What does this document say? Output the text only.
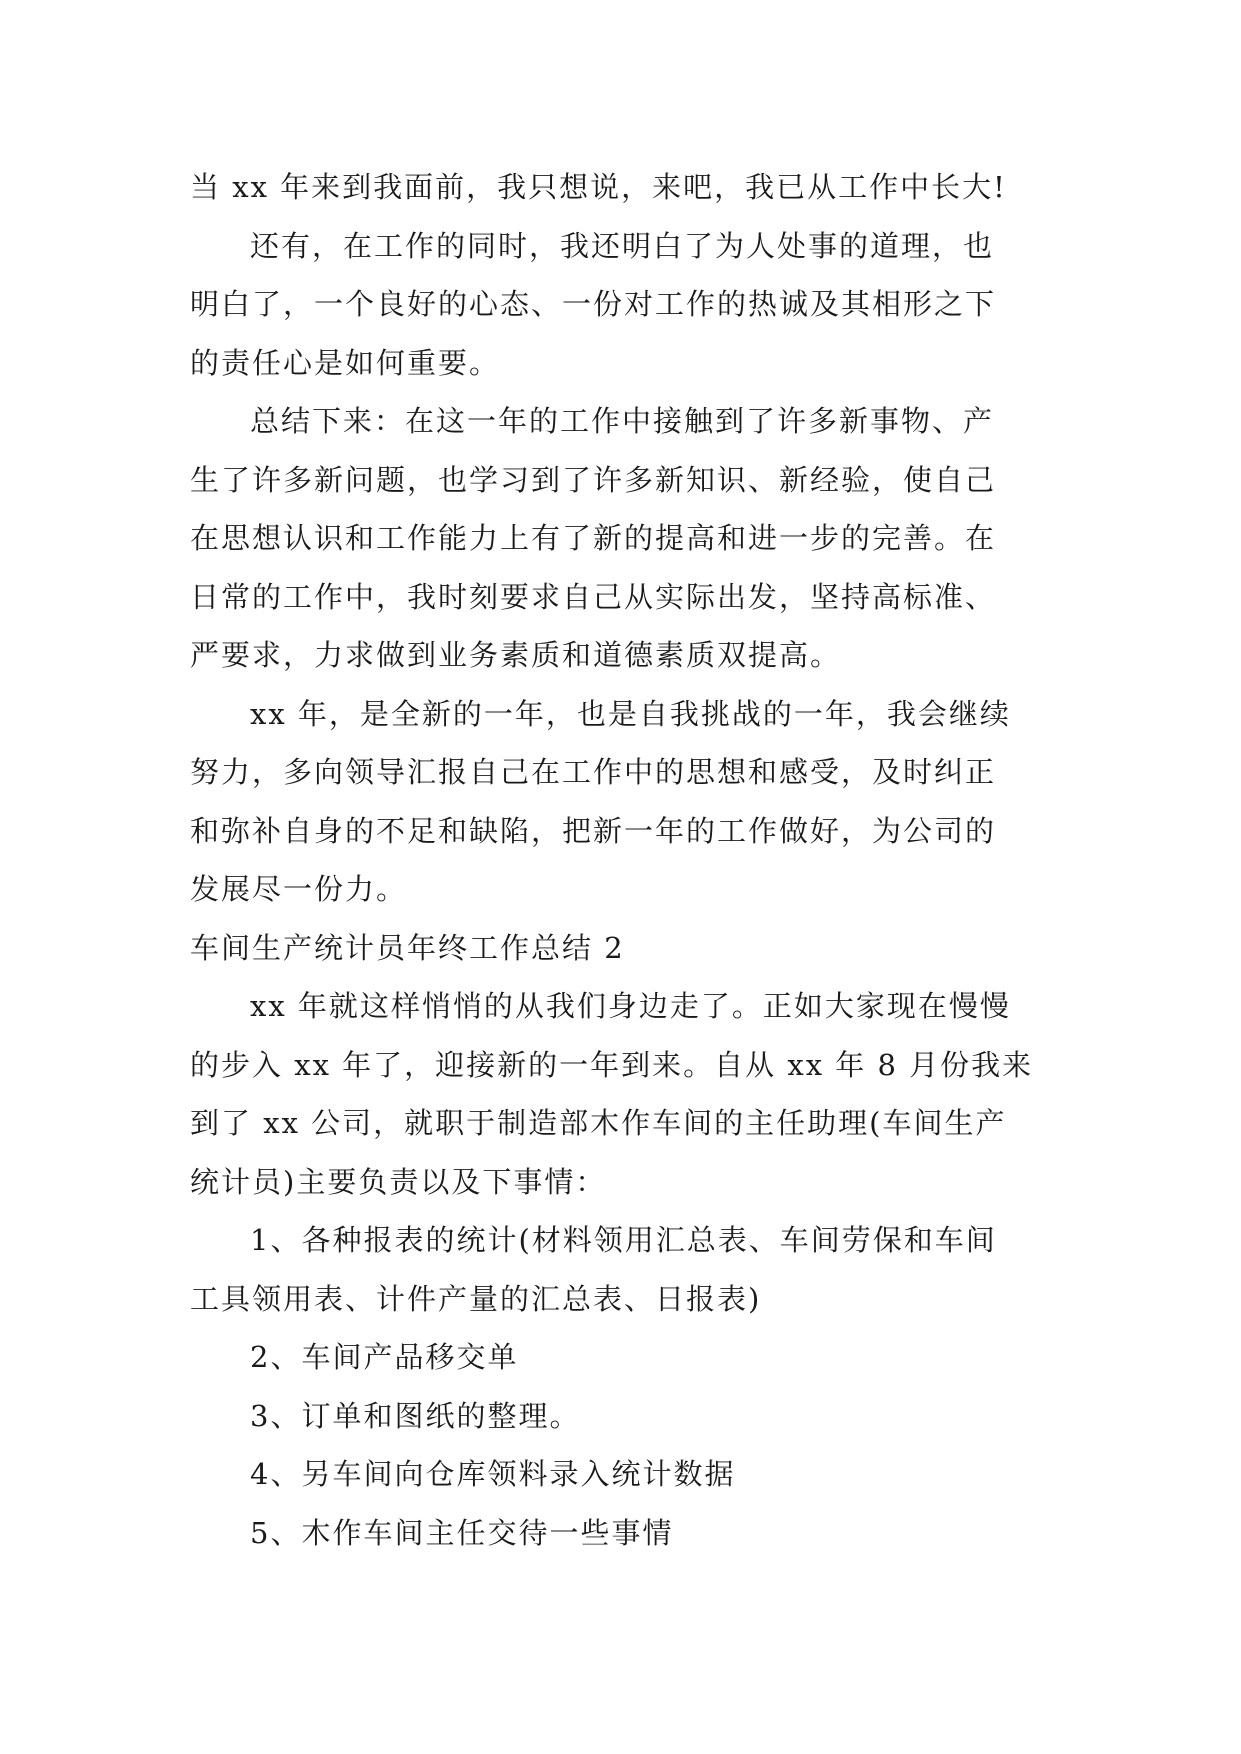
当 xx 年来到我面前，我只想说，来吧，我已从工作中长大!
还有，在工作的同时，我还明白了为人处事的道理，也
明白了，一个良好的心态、一份对工作的热诚及其相形之下
的责任心是如何重要。
总结下来：在这一年的工作中接触到了许多新事物、产
生了许多新问题，也学习到了许多新知识、新经验，使自己
在思想认识和工作能力上有了新的提高和进一步的完善。在
日常的工作中，我时刻要求自己从实际出发，坚持高标准、
严要求，力求做到业务素质和道德素质双提高。
xx 年，是全新的一年，也是自我挑战的一年，我会继续
努力，多向领导汇报自己在工作中的思想和感受，及时纠正
和弥补自身的不足和缺陷，把新一年的工作做好，为公司的
发展尽一份力。
车间生产统计员年终工作总结 2
xx 年就这样悄悄的从我们身边走了。正如大家现在慢慢
的步入 xx 年了，迎接新的一年到来。自从 xx 年 8 月份我来
到了 xx 公司，就职于制造部木作车间的主任助理(车间生产
统计员)主要负责以及下事情：
1、各种报表的统计(材料领用汇总表、车间劳保和车间
工具领用表、计件产量的汇总表、日报表)
2、车间产品移交单
3、订单和图纸的整理。
4、另车间向仓库领料录入统计数据
5、木作车间主任交待一些事情
